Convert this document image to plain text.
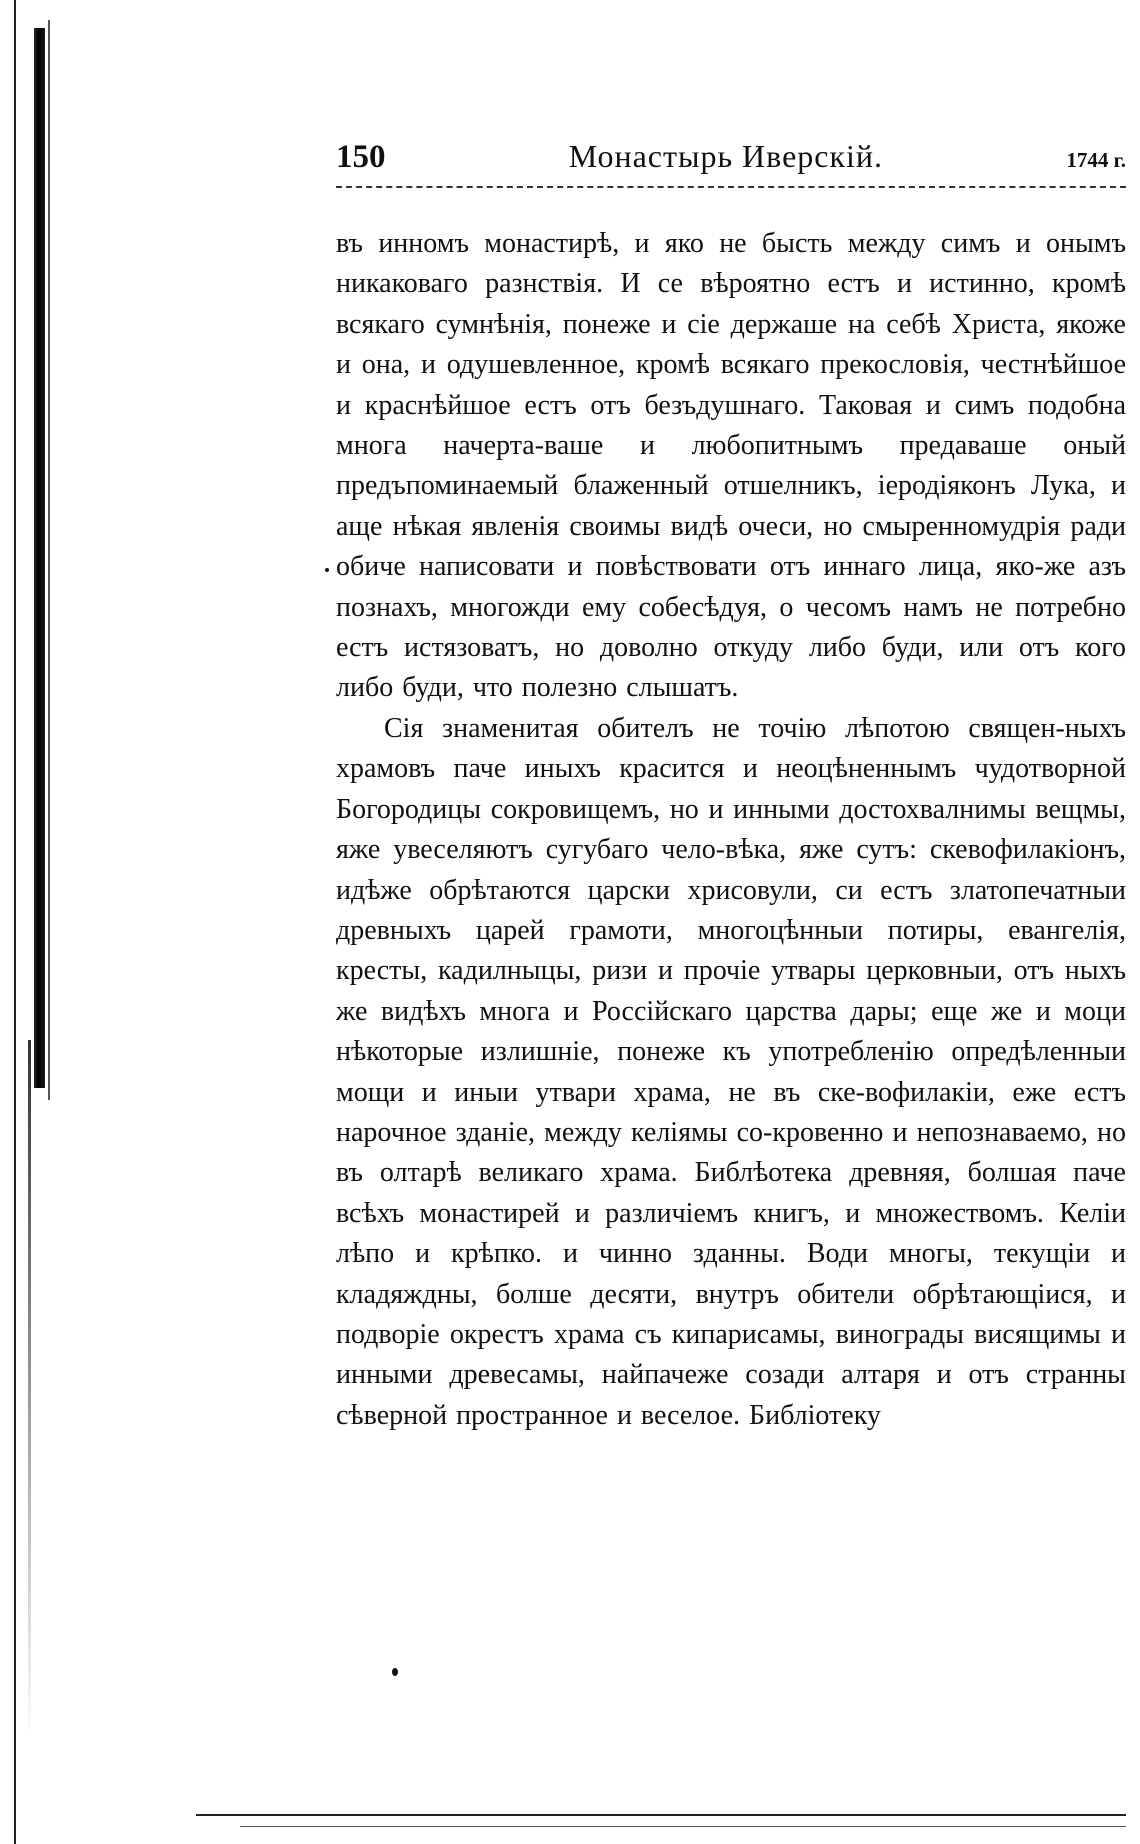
150	Монастырь Иверскій.	1744 г.

въ инномъ монастирѣ, и яко не бысть между симъ и онымъ никаковаго разнствія. И се вѣроятно естъ и истинно, кромѣ всякаго сумнѣнія, понеже и сіе держаше на себѣ Христа, якоже и она, и одушевленное, кромѣ всякаго прекословія, честнѣйшое и краснѣйшое естъ отъ безъдушнаго. Таковая и симъ подобна многа начерта-ваше и любопитнымъ предаваше оный предъпоминаемый блаженный отшелникъ, іеродіяконъ Лука, и аще нѣкая явленія своимы видѣ очеси, но смыренномудрія ради обиче написовати и повѣствовати отъ иннаго лица, яко-же азъ познахъ, многожди ему собесѣдуя, о чесомъ намъ не потребно естъ истязоватъ, но доволно откуду либо буди, или отъ кого либо буди, что полезно слышатъ.

Сія знаменитая обителъ не точію лѣпотою священ-ныхъ храмовъ паче иныхъ красится и неоцѣненнымъ чудотворной Богородицы сокровищемъ, но и инными достохвалнимы вещмы, яже увеселяютъ сугубаго чело-вѣка, яже сутъ: скевофилакіонъ, идѣже обрѣтаются царски хрисовули, си естъ златопечатныи древныхъ царей грамоти, многоцѣнныи потиры, евангелія, кресты, кадилныцы, ризи и прочіе утвары церковныи, отъ ныхъ же видѣхъ многа и Россійскаго царства дары; еще же и моци нѣкоторые излишніе, понеже къ употребленію опредѣленныи мощи и иныи утвари храма, не въ ске-вофилакіи, еже естъ нарочное зданіе, между келіямы со-кровенно и непознаваемо, но въ олтарѣ великаго храма. Библѣотека древняя, болшая паче всѣхъ монастирей и различіемъ книгъ, и множествомъ. Келіи лѣпо и крѣпко. и чинно зданны. Води многы, текущіи и кладяждны, болше десяти, внутръ обители обрѣтающіися, и подворіе окрестъ храма съ кипарисамы, винограды висящимы и инными древесамы, найпачеже созади алтаря и отъ странны сѣверной пространное и веселое. Библіотеку
